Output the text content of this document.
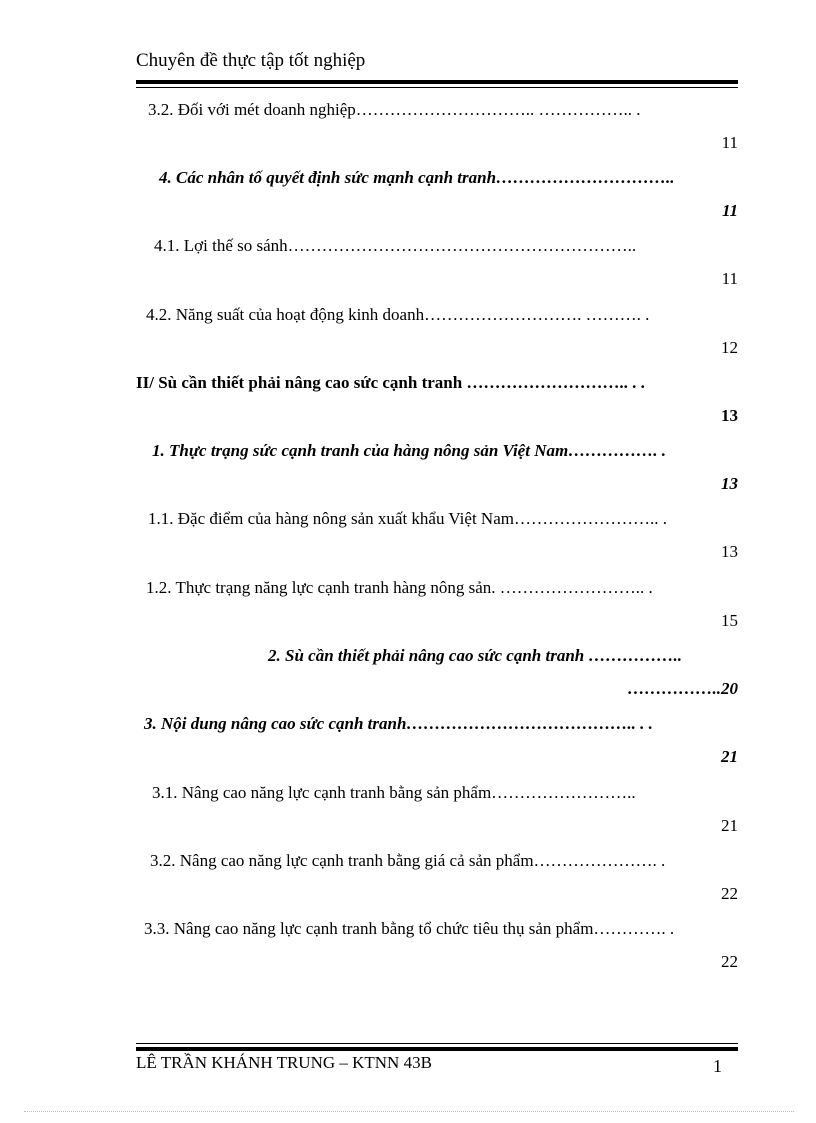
Chuyên đề thực tập tốt nghiệp
3.2. Đối với mét doanh nghiệp………………………….. …………….. .
11
4. Các nhân tố quyết định sức mạnh cạnh tranh…………………………..
11
4.1. Lợi thế so sánh……………………………………………………..
11
4.2. Năng suất của hoạt động kinh doanh………………………. ………. .
12
II/ Sù cần thiết phải nâng cao sức cạnh tranh ……………………….. . .
13
1. Thực trạng sức cạnh tranh của hàng nông sản Việt Nam……………. .
13
1.1. Đặc điểm của hàng nông sản xuất khẩu Việt Nam…………………….. .
13
1.2. Thực trạng năng lực cạnh tranh hàng nông sản. …………………….. .
15
2. Sù cần thiết phải nâng cao sức cạnh tranh ……………..
……………..20
3. Nội dung nâng cao sức cạnh tranh………………………………….. . .
21
3.1. Nâng cao năng lực cạnh tranh bằng sản phẩm……………………..
21
3.2. Nâng cao năng lực cạnh tranh bằng giá cả sản phẩm…………………. .
22
3.3. Nâng cao năng lực cạnh tranh bằng tổ chức tiêu thụ sản phẩm…………. .
22
LÊ TRẦN KHÁNH TRUNG – KTNN 43B	1
